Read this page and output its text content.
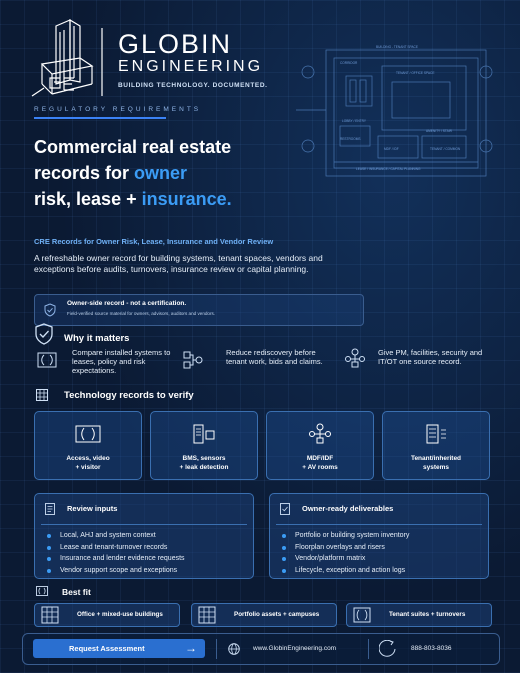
GLOBIN
ENGINEERING
BUILDING TECHNOLOGY. DOCUMENTED.
CORRIDOR
LOBBY / ENTRY
TENANT / OFFICE SPACE
MDF / IDF
AMENITY / STAIR
RESTROOMS
TENANT / COMMON
BUILDING - TENANT SPACE
LEASE / INSURANCE / CAPITAL PLANNING
REGULATORY REQUIREMENTS
Commercial real estate
records for owner
risk, lease + insurance.
CRE Records for Owner Risk, Lease, Insurance and Vendor Review
A refreshable owner record for building systems, tenant spaces, vendors and exceptions before audits, turnovers, insurance review or capital planning.
Owner-side record - not a certification.
Field-verified source material for owners, advisors, auditors and vendors.
Why it matters
Compare installed systems to leases, policy and risk expectations.
Reduce rediscovery before tenant work, bids and claims.
Give PM, facilities, security and IT/OT one source record.
Technology records to verify
Access, video
+ visitor
BMS, sensors
+ leak detection
MDF/IDF
+ AV rooms
Tenant/inherited
systems
Review inputs
Local, AHJ and system context
Lease and tenant-turnover records
Insurance and lender evidence requests
Vendor support scope and exceptions
Owner-ready deliverables
Portfolio or building system inventory
Floorplan overlays and risers
Vendor/platform matrix
Lifecycle, exception and action logs
Best fit
Office + mixed-use buildings	Portfolio assets + campuses	Tenant suites + turnovers
Request Assessment	→	www.GlobinEngineering.com	888-803-8036
